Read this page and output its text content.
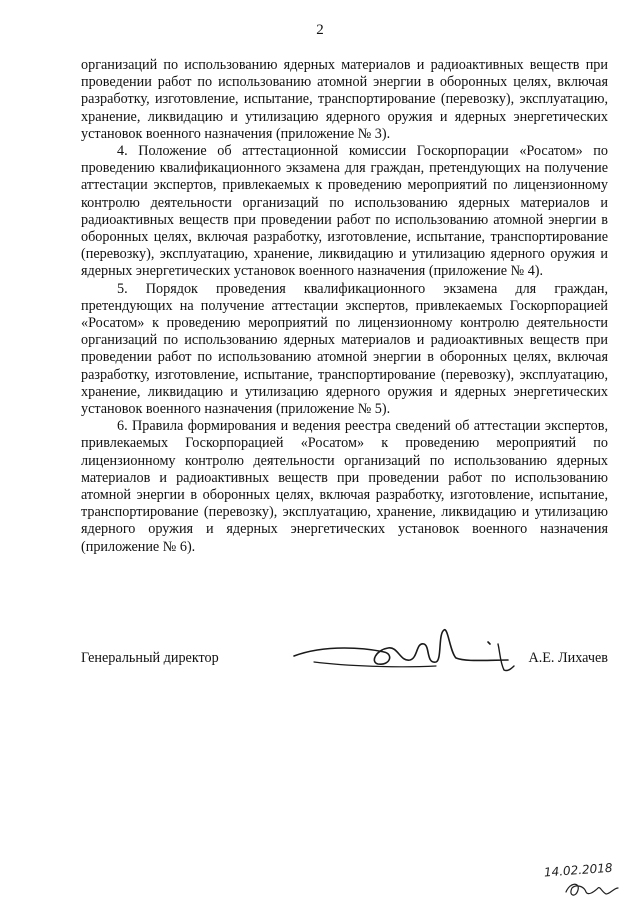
2

организаций по использованию ядерных материалов и радиоактивных веществ при проведении работ по использованию атомной энергии в оборонных целях, включая разработку, изготовление, испытание, транспортирование (перевозку), эксплуатацию, хранение, ликвидацию и утилизацию ядерного оружия и ядерных энергетических установок военного назначения (приложение № 3).

4. Положение об аттестационной комиссии Госкорпорации «Росатом» по проведению квалификационного экзамена для граждан, претендующих на получение аттестации экспертов, привлекаемых к проведению мероприятий по лицензионному контролю деятельности организаций по использованию ядерных материалов и радиоактивных веществ при проведении работ по использованию атомной энергии в оборонных целях, включая разработку, изготовление, испытание, транспортирование (перевозку), эксплуатацию, хранение, ликвидацию и утилизацию ядерного оружия и ядерных энергетических установок военного назначения (приложение № 4).

5. Порядок проведения квалификационного экзамена для граждан, претендующих на получение аттестации экспертов, привлекаемых Госкорпорацией «Росатом» к проведению мероприятий по лицензионному контролю деятельности организаций по использованию ядерных материалов и радиоактивных веществ при проведении работ по использованию атомной энергии в оборонных целях, включая разработку, изготовление, испытание, транспортирование (перевозку), эксплуатацию, хранение, ликвидацию и утилизацию ядерного оружия и ядерных энергетических установок военного назначения (приложение № 5).

6. Правила формирования и ведения реестра сведений об аттестации экспертов, привлекаемых Госкорпорацией «Росатом» к проведению мероприятий по лицензионному контролю деятельности организаций по использованию ядерных материалов и радиоактивных веществ при проведении работ по использованию атомной энергии в оборонных целях, включая разработку, изготовление, испытание, транспортирование (перевозку), эксплуатацию, хранение, ликвидацию и утилизацию ядерного оружия и ядерных энергетических установок военного назначения (приложение № 6).

Генеральный директор	А.Е. Лихачев
14.02.2018
